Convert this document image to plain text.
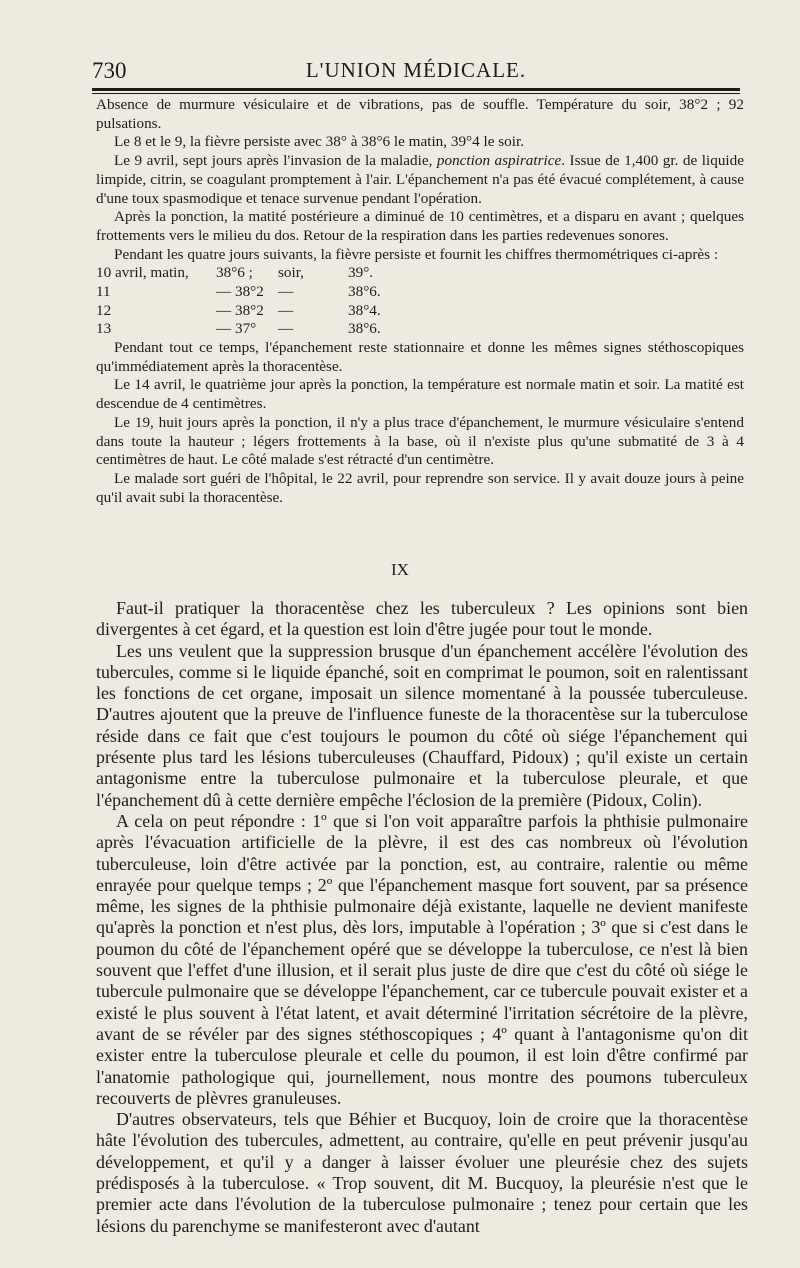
730	L'UNION MÉDICALE.

Absence de murmure vésiculaire et de vibrations, pas de souffle. Température du soir, 38°2 ; 92 pulsations.

Le 8 et le 9, la fièvre persiste avec 38° à 38°6 le matin, 39°4 le soir.

Le 9 avril, sept jours après l'invasion de la maladie, ponction aspiratrice. Issue de 1,400 gr. de liquide limpide, citrin, se coagulant promptement à l'air. L'épanchement n'a pas été évacué complétement, à cause d'une toux spasmodique et tenace survenue pendant l'opération.

Après la ponction, la matité postérieure a diminué de 10 centimètres, et a disparu en avant ; quelques frottements vers le milieu du dos. Retour de la respiration dans les parties redevenues sonores.

Pendant les quatre jours suivants, la fièvre persiste et fournit les chiffres thermométriques ci-après :

10 avril, matin,	38°6 ;	soir,	39°.
11	— 38°2 —	38°6.
12	— 38°2 —	38°4.
13	— 37°	—	38°6.

Pendant tout ce temps, l'épanchement reste stationnaire et donne les mêmes signes stéthoscopiques qu'immédiatement après la thoracentèse.

Le 14 avril, le quatrième jour après la ponction, la température est normale matin et soir. La matité est descendue de 4 centimètres.

Le 19, huit jours après la ponction, il n'y a plus trace d'épanchement, le murmure vésiculaire s'entend dans toute la hauteur ; légers frottements à la base, où il n'existe plus qu'une submatité de 3 à 4 centimètres de haut. Le côté malade s'est rétracté d'un centimètre.

Le malade sort guéri de l'hôpital, le 22 avril, pour reprendre son service. Il y avait douze jours à peine qu'il avait subi la thoracentèse.

IX

Faut-il pratiquer la thoracentèse chez les tuberculeux ? Les opinions sont bien divergentes à cet égard, et la question est loin d'être jugée pour tout le monde.

Les uns veulent que la suppression brusque d'un épanchement accélère l'évolution des tubercules, comme si le liquide épanché, soit en comprimat le poumon, soit en ralentissant les fonctions de cet organe, imposait un silence momentané à la poussée tuberculeuse. D'autres ajoutent que la preuve de l'influence funeste de la thoracentèse sur la tuberculose réside dans ce fait que c'est toujours le poumon du côté où siége l'épanchement qui présente plus tard les lésions tuberculeuses (Chauffard, Pidoux) ; qu'il existe un certain antagonisme entre la tuberculose pulmonaire et la tuberculose pleurale, et que l'épanchement dû à cette dernière empêche l'éclosion de la première (Pidoux, Colin).

A cela on peut répondre : 1º que si l'on voit apparaître parfois la phthisie pulmonaire après l'évacuation artificielle de la plèvre, il est des cas nombreux où l'évolution tuberculeuse, loin d'être activée par la ponction, est, au contraire, ralentie ou même enrayée pour quelque temps ; 2º que l'épanchement masque fort souvent, par sa présence même, les signes de la phthisie pulmonaire déjà existante, laquelle ne devient manifeste qu'après la ponction et n'est plus, dès lors, imputable à l'opération ; 3º que si c'est dans le poumon du côté de l'épanchement opéré que se développe la tuberculose, ce n'est là bien souvent que l'effet d'une illusion, et il serait plus juste de dire que c'est du côté où siége le tubercule pulmonaire que se développe l'épanchement, car ce tubercule pouvait exister et a existé le plus souvent à l'état latent, et avait déterminé l'irritation sécrétoire de la plèvre, avant de se révéler par des signes stéthoscopiques ; 4º quant à l'antagonisme qu'on dit exister entre la tuberculose pleurale et celle du poumon, il est loin d'être confirmé par l'anatomie pathologique qui, journellement, nous montre des poumons tuberculeux recouverts de plèvres granuleuses.

D'autres observateurs, tels que Béhier et Bucquoy, loin de croire que la thoracentèse hâte l'évolution des tubercules, admettent, au contraire, qu'elle en peut prévenir jusqu'au développement, et qu'il y a danger à laisser évoluer une pleurésie chez des sujets prédisposés à la tuberculose. « Trop souvent, dit M. Bucquoy, la pleurésie n'est que le premier acte dans l'évolution de la tuberculose pulmonaire ; tenez pour certain que les lésions du parenchyme se manifesteront avec d'autant
